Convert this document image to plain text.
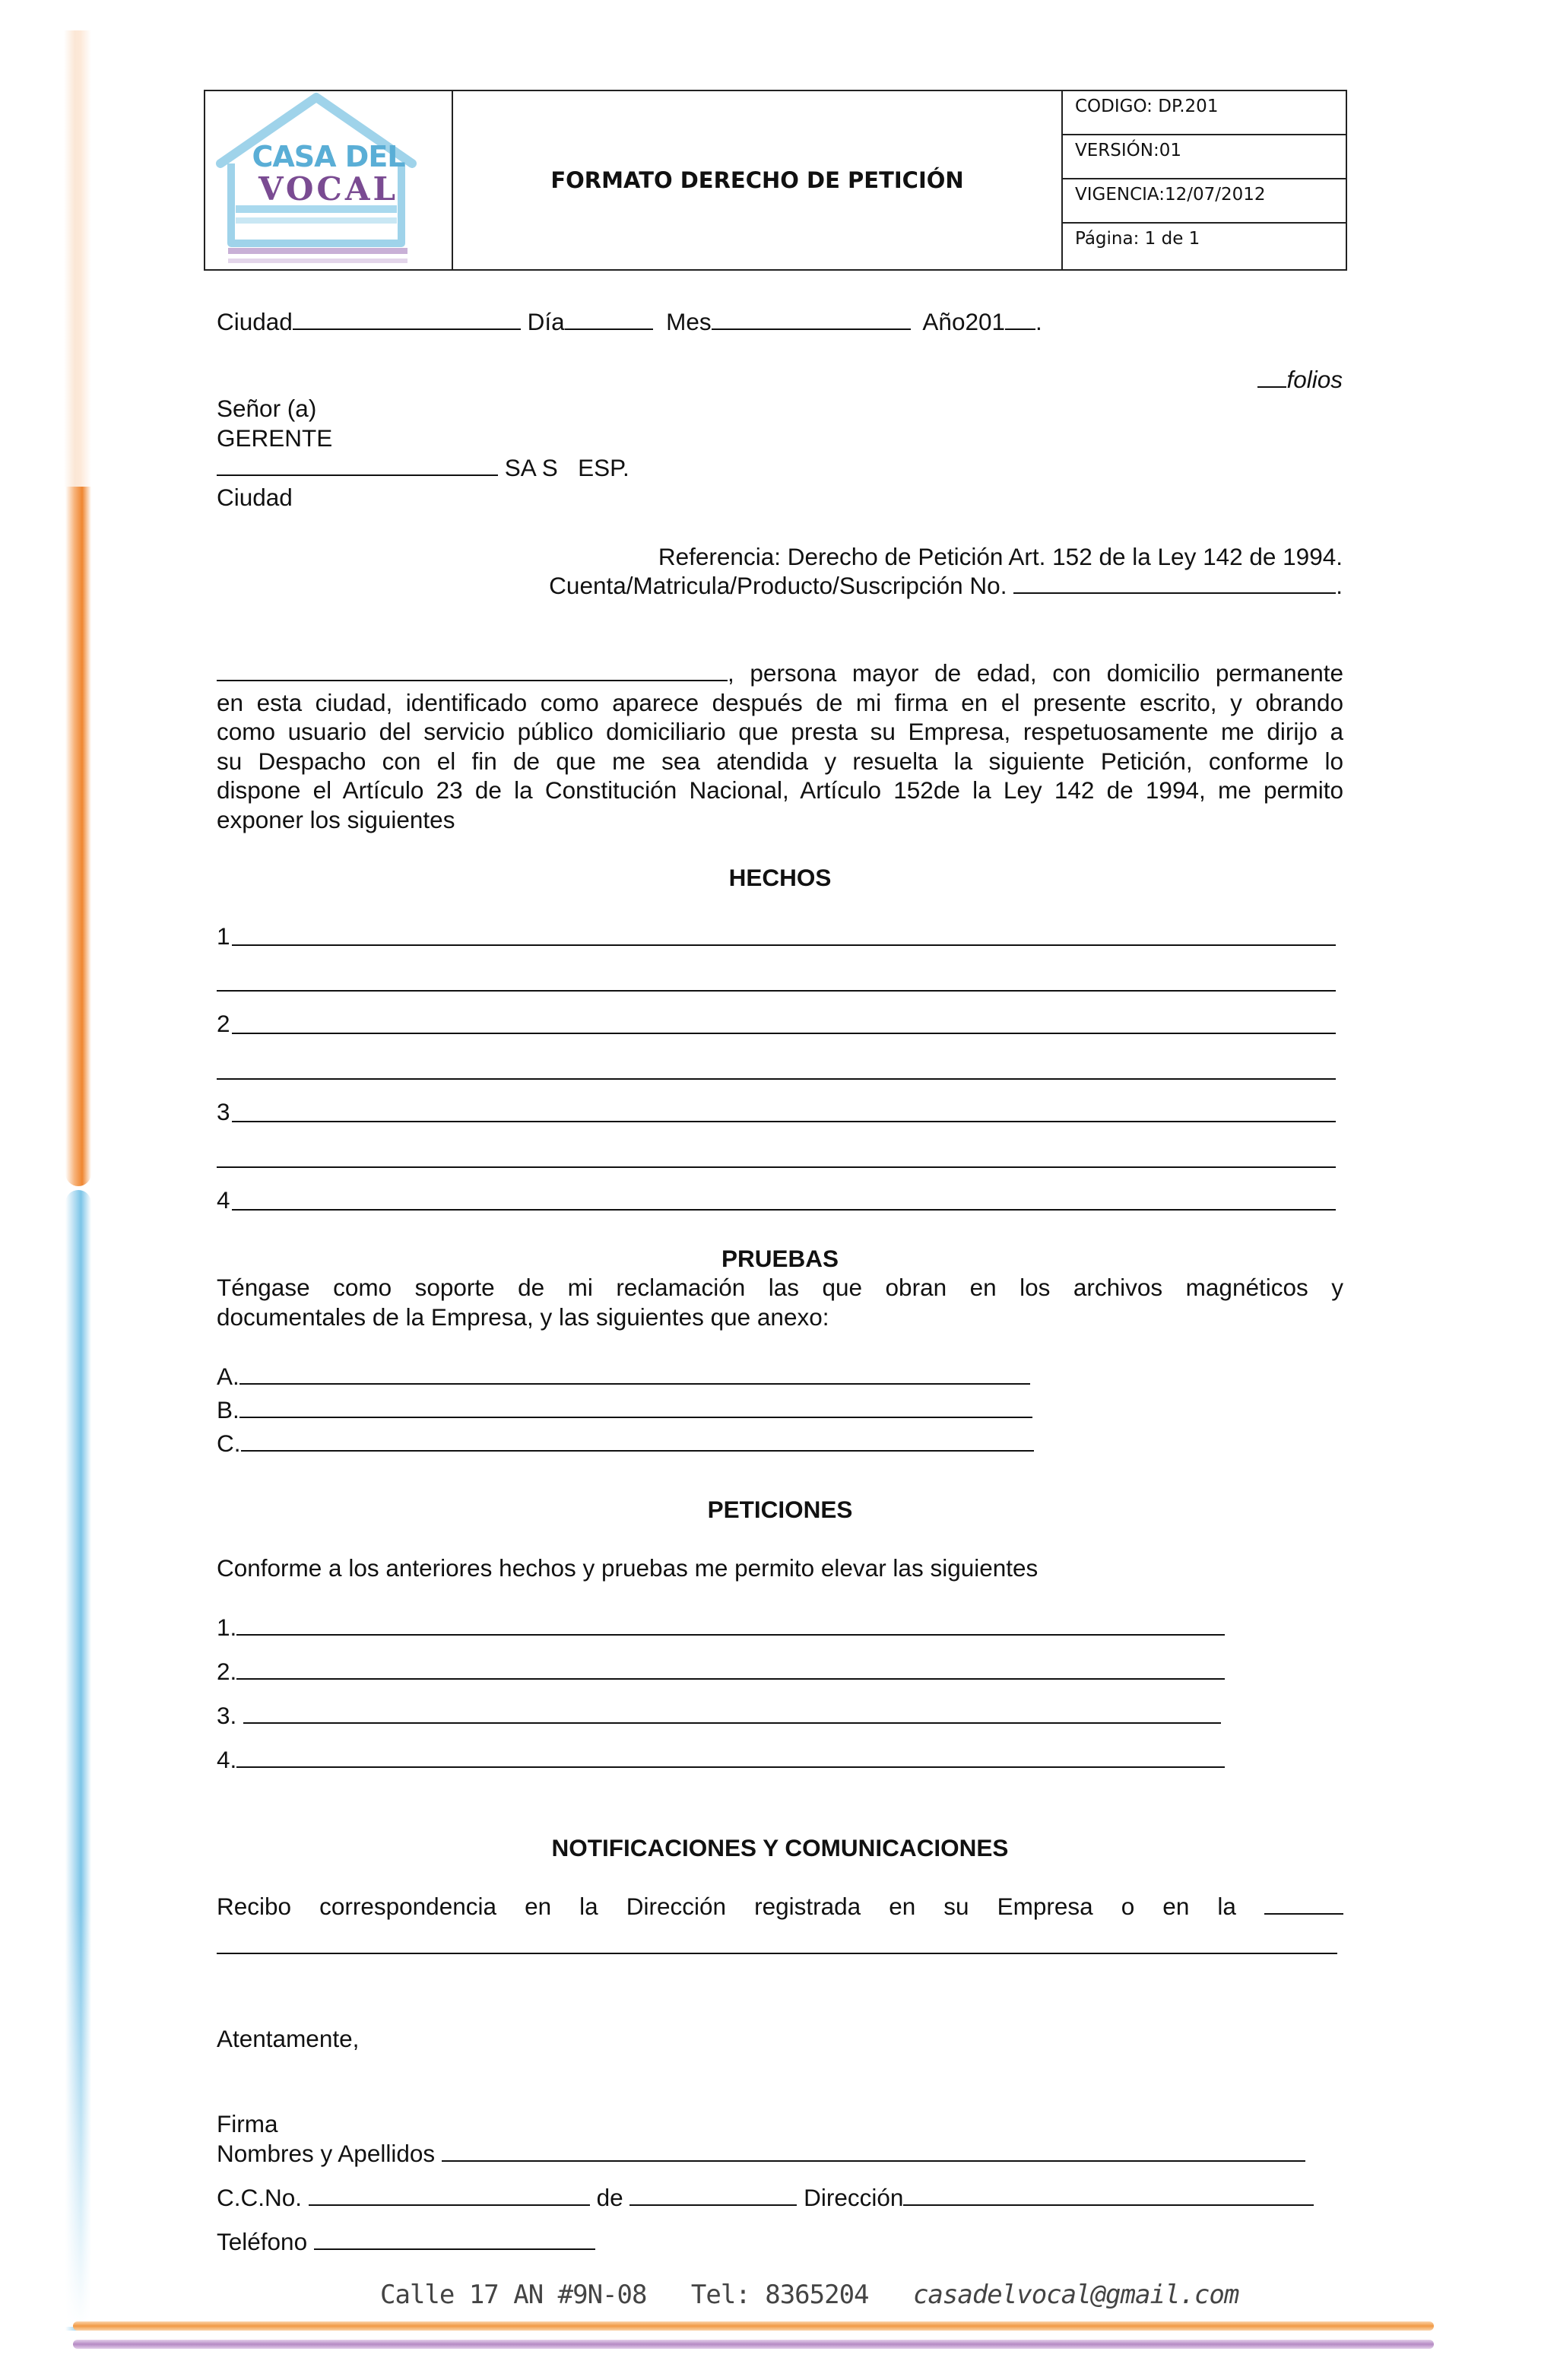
CASA DEL
VOCAL	FORMATO DERECHO DE PETICIÓN
CODIGO: DP.201
VERSIÓN:01
VIGENCIA:12/07/2012
Página: 1 de 1
Ciudad	Día	Mes	Año201 .
folios
Señor (a)
GERENTE
SA S   ESP.
Ciudad
Referencia: Derecho de Petición Art. 152 de la Ley 142 de 1994.
Cuenta/Matricula/Producto/Suscripción No.	.
, persona mayor de edad, con domicilio permanente
en esta ciudad, identificado como aparece después de mi firma en el presente escrito, y obrando
como usuario del servicio público domiciliario que presta su Empresa, respetuosamente me dirijo a
su Despacho con el fin de que me sea atendida y resuelta la siguiente Petición, conforme lo
dispone el Artículo 23 de la Constitución Nacional, Artículo 152de la Ley 142 de 1994, me permito
exponer los siguientes
HECHOS
1
2
3
4
PRUEBAS
Téngase como soporte de mi reclamación las que obran en los archivos magnéticos y
documentales de la Empresa, y las siguientes que anexo:
A.
B.
C.
PETICIONES
Conforme a los anteriores hechos y pruebas me permito elevar las siguientes
1.
2.
3.
4.
NOTIFICACIONES Y COMUNICACIONES
Recibo correspondencia en la Dirección registrada en su Empresa o en la
Atentamente,
Firma
Nombres y Apellidos
C.C.No.	de	Dirección
Teléfono
Calle 17 AN #9N-08 Tel: 8365204 casadelvocal@gmail.com
